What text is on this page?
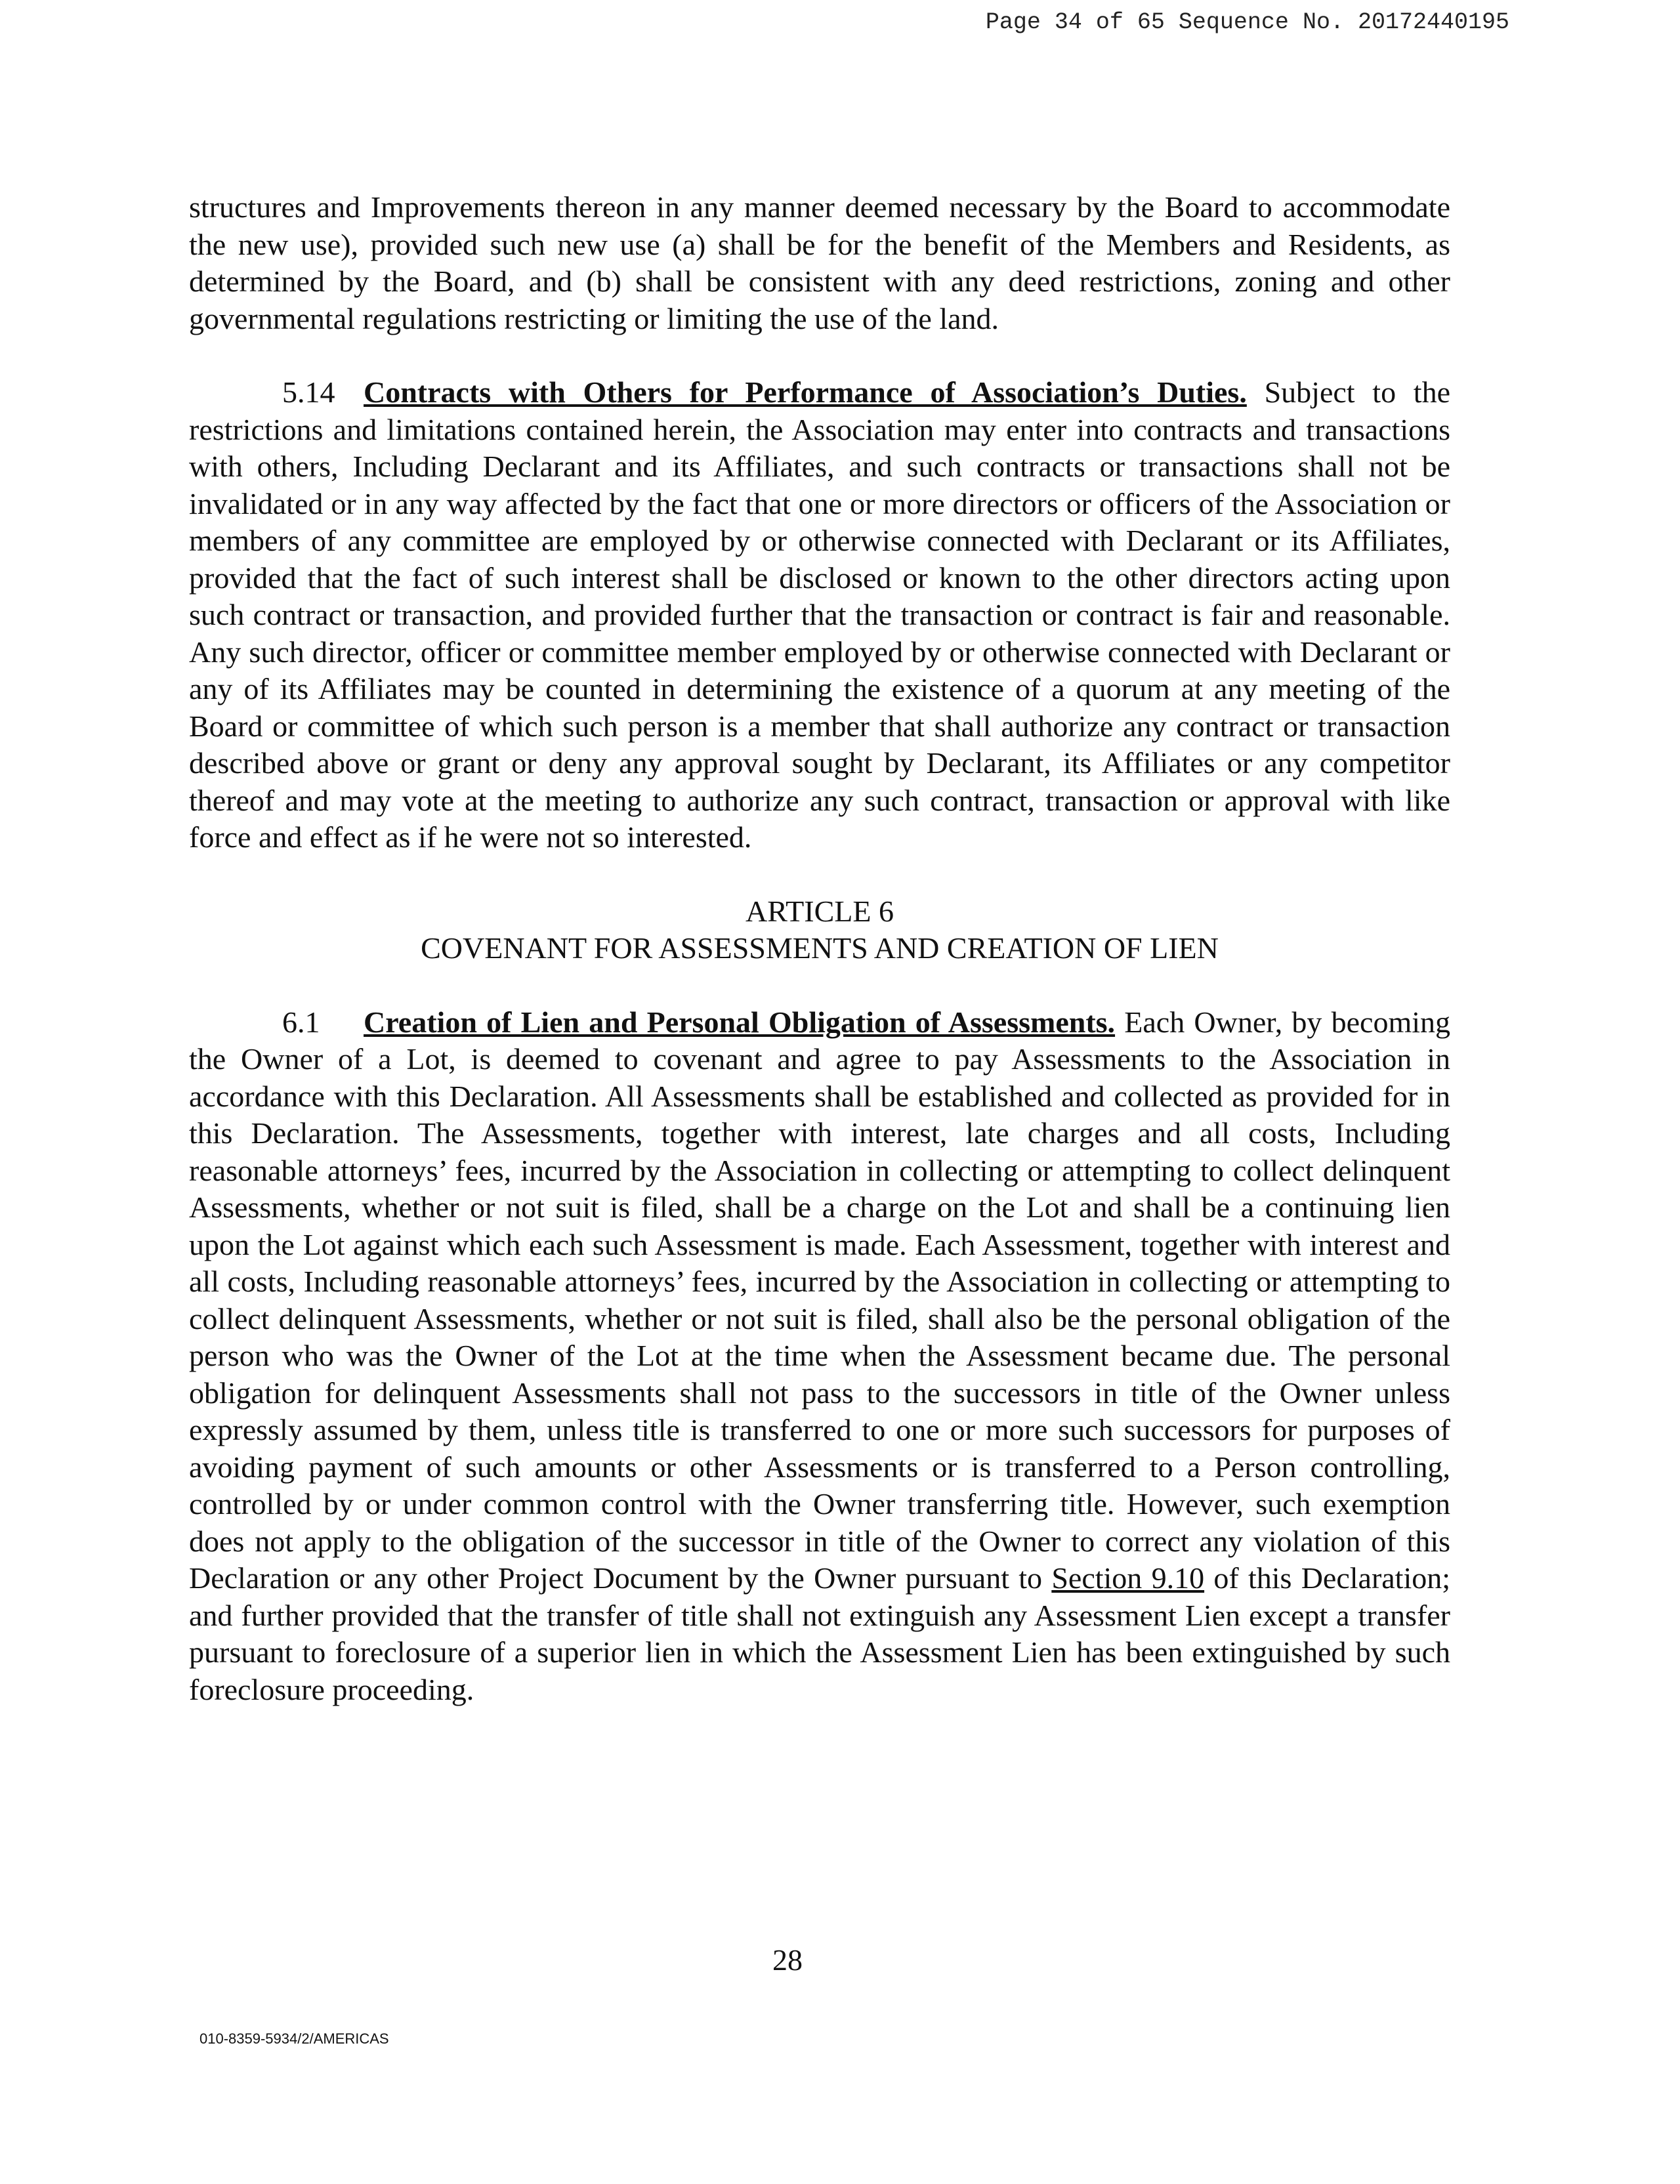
Page 34 of 65 Sequence No. 20172440195

structures and Improvements thereon in any manner deemed necessary by the Board to accommodate the new use), provided such new use (a) shall be for the benefit of the Members and Residents, as determined by the Board, and (b) shall be consistent with any deed restrictions, zoning and other governmental regulations restricting or limiting the use of the land.

5.14 Contracts with Others for Performance of Association’s Duties. Subject to the restrictions and limitations contained herein, the Association may enter into contracts and transactions with others, Including Declarant and its Affiliates, and such contracts or transactions shall not be invalidated or in any way affected by the fact that one or more directors or officers of the Association or members of any committee are employed by or otherwise connected with Declarant or its Affiliates, provided that the fact of such interest shall be disclosed or known to the other directors acting upon such contract or transaction, and provided further that the transaction or contract is fair and reasonable. Any such director, officer or committee member employed by or otherwise connected with Declarant or any of its Affiliates may be counted in determining the existence of a quorum at any meeting of the Board or committee of which such person is a member that shall authorize any contract or transaction described above or grant or deny any approval sought by Declarant, its Affiliates or any competitor thereof and may vote at the meeting to authorize any such contract, transaction or approval with like force and effect as if he were not so interested.

ARTICLE 6
COVENANT FOR ASSESSMENTS AND CREATION OF LIEN

6.1 Creation of Lien and Personal Obligation of Assessments. Each Owner, by becoming the Owner of a Lot, is deemed to covenant and agree to pay Assessments to the Association in accordance with this Declaration. All Assessments shall be established and collected as provided for in this Declaration. The Assessments, together with interest, late charges and all costs, Including reasonable attorneys’ fees, incurred by the Association in collecting or attempting to collect delinquent Assessments, whether or not suit is filed, shall be a charge on the Lot and shall be a continuing lien upon the Lot against which each such Assessment is made. Each Assessment, together with interest and all costs, Including reasonable attorneys’ fees, incurred by the Association in collecting or attempting to collect delinquent Assessments, whether or not suit is filed, shall also be the personal obligation of the person who was the Owner of the Lot at the time when the Assessment became due. The personal obligation for delinquent Assessments shall not pass to the successors in title of the Owner unless expressly assumed by them, unless title is transferred to one or more such successors for purposes of avoiding payment of such amounts or other Assessments or is transferred to a Person controlling, controlled by or under common control with the Owner transferring title. However, such exemption does not apply to the obligation of the successor in title of the Owner to correct any violation of this Declaration or any other Project Document by the Owner pursuant to Section 9.10 of this Declaration; and further provided that the transfer of title shall not extinguish any Assessment Lien except a transfer pursuant to foreclosure of a superior lien in which the Assessment Lien has been extinguished by such foreclosure proceeding.

28
010-8359-5934/2/AMERICAS
